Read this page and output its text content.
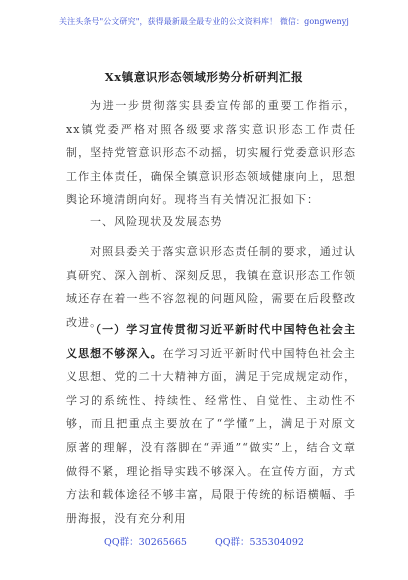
关注头条号"公文研究"，获得最新最全最专业的公文资料库！ 微信：gongwenyj
Xx镇意识形态领域形势分析研判汇报
为进一步贯彻落实县委宣传部的重要工作指示，xx镇党委严格对照各级要求落实意识形态工作责任制，坚持党管意识形态不动摇，切实履行党委意识形态工作主体责任，确保全镇意识形态领域健康向上，思想舆论环境清朗向好。现将当有关情况汇报如下：
一、风险现状及发展态势
对照县委关于落实意识形态责任制的要求，通过认真研究、深入剖析、深刻反思，我镇在意识形态工作领域还存在着一些不容忽视的问题风险，需要在后段整改改进。
（一）学习宣传贯彻习近平新时代中国特色社会主义思想不够深入。在学习习近平新时代中国特色社会主义思想、党的二十大精神方面，满足于完成规定动作，学习的系统性、持续性、经常性、自觉性、主动性不够，而且把重点主要放在了“学懂”上，满足于对原文原著的理解，没有落脚在“弄通”“做实”上，结合文章做得不紧，理论指导实践不够深入。在宣传方面，方式方法和载体途径不够丰富，局限于传统的标语横幅、手册海报，没有充分利用
QQ群：30265665	QQ群：535304092
